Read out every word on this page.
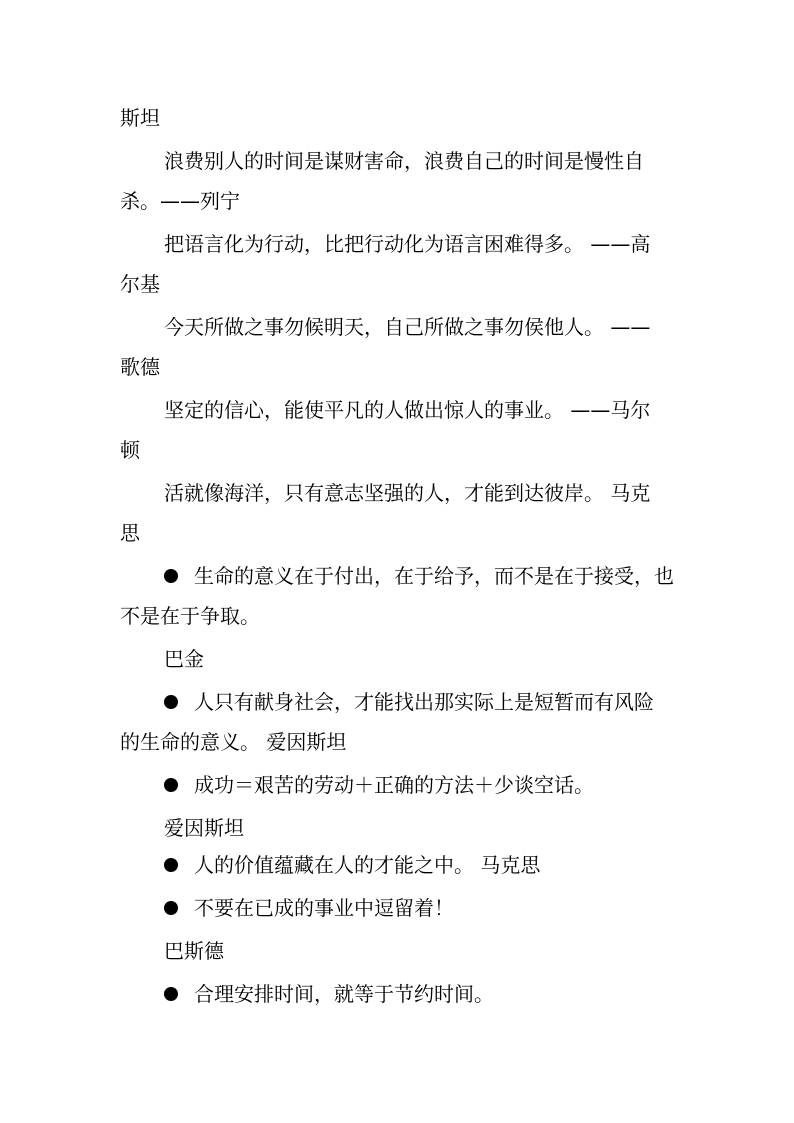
斯坦
浪费别人的时间是谋财害命，浪费自己的时间是慢性自
杀。——列宁
把语言化为行动，比把行动化为语言困难得多。 ——高
尔基
今天所做之事勿候明天，自己所做之事勿侯他人。 ——
歌德
坚定的信心，能使平凡的人做出惊人的事业。 ——马尔
顿
活就像海洋，只有意志坚强的人，才能到达彼岸。 马克
思
生命的意义在于付出，在于给予，而不是在于接受，也
不是在于争取。
巴金
人只有献身社会，才能找出那实际上是短暂而有风险
的生命的意义。 爱因斯坦
成功＝艰苦的劳动＋正确的方法＋少谈空话。
爱因斯坦
人的价值蕴藏在人的才能之中。 马克思
不要在已成的事业中逗留着！
巴斯德
合理安排时间，就等于节约时间。
